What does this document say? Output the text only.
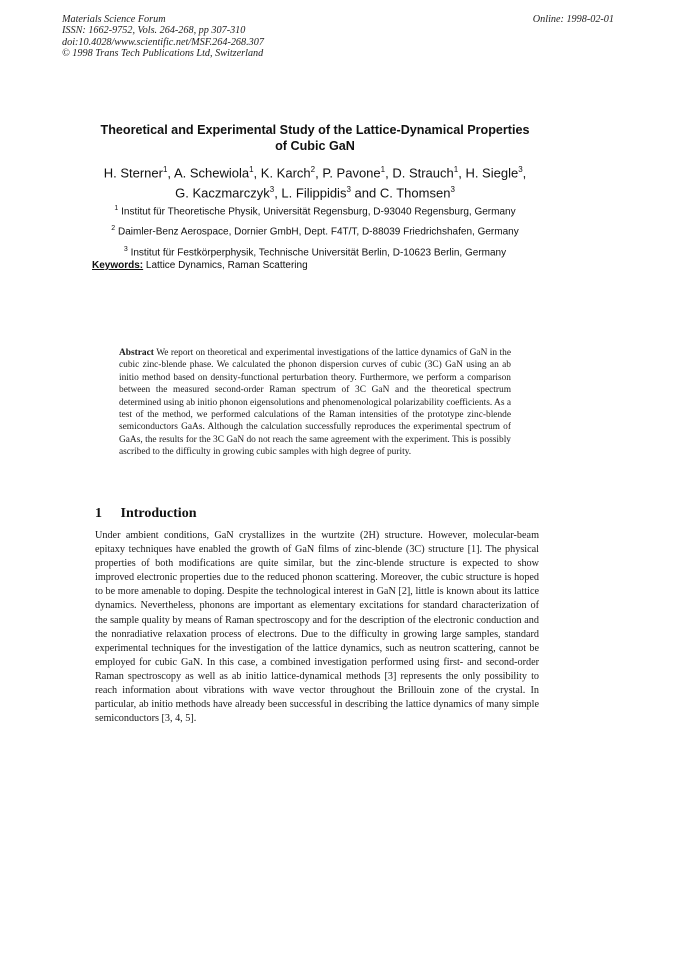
Materials Science Forum
ISSN: 1662-9752, Vols. 264-268, pp 307-310
doi:10.4028/www.scientific.net/MSF.264-268.307
© 1998 Trans Tech Publications Ltd, Switzerland
Online: 1998-02-01
Theoretical and Experimental Study of the Lattice-Dynamical Properties
of Cubic GaN
H. Sterner$^1$, A. Schewiola$^1$, K. Karch$^2$, P. Pavone$^1$, D. Strauch$^1$, H. Siegle$^3$,
G. Kaczmarczyk$^3$, L. Filippidis$^3$ and C. Thomsen$^3$
$^1$ Institut für Theoretische Physik, Universität Regensburg, D-93040 Regensburg, Germany
$^2$ Daimler-Benz Aerospace, Dornier GmbH, Dept. F4T/T, D-88039 Friedrichshafen, Germany
$^3$ Institut für Festkörperphysik, Technische Universität Berlin, D-10623 Berlin, Germany
Keywords: Lattice Dynamics, Raman Scattering
Abstract We report on theoretical and experimental investigations of the lattice dynamics of GaN in the cubic zinc-blende phase. We calculated the phonon dispersion curves of cubic (3C) GaN using an ab initio method based on density-functional perturbation theory. Furthermore, we perform a comparison between the measured second-order Raman spectrum of 3C GaN and the theoretical spectrum determined using ab initio phonon eigensolutions and phenomenological polarizability coefficients. As a test of the method, we performed calculations of the Raman intensities of the prototype zinc-blende semiconductors GaAs. Although the calculation successfully reproduces the experimental spectrum of GaAs, the results for the 3C GaN do not reach the same agreement with the experiment. This is possibly ascribed to the difficulty in growing cubic samples with high degree of purity.
1 Introduction
Under ambient conditions, GaN crystallizes in the wurtzite (2H) structure. However, molecular-beam epitaxy techniques have enabled the growth of GaN films of zinc-blende (3C) structure [1]. The physical properties of both modifications are quite similar, but the zinc-blende structure is expected to show improved electronic properties due to the reduced phonon scattering. Moreover, the cubic structure is hoped to be more amenable to doping. Despite the technological interest in GaN [2], little is known about its lattice dynamics. Nevertheless, phonons are important as elementary excitations for standard characterization of the sample quality by means of Raman spectroscopy and for the description of the electronic conduction and the nonradiative relaxation process of electrons. Due to the difficulty in growing large samples, standard experimental techniques for the investigation of the lattice dynamics, such as neutron scattering, cannot be employed for cubic GaN. In this case, a combined investigation performed using first- and second-order Raman spectroscopy as well as ab initio lattice-dynamical methods [3] represents the only possibility to reach information about vibrations with wave vector throughout the Brillouin zone of the crystal. In particular, ab initio methods have already been successful in describing the lattice dynamics of many simple semiconductors [3, 4, 5].
